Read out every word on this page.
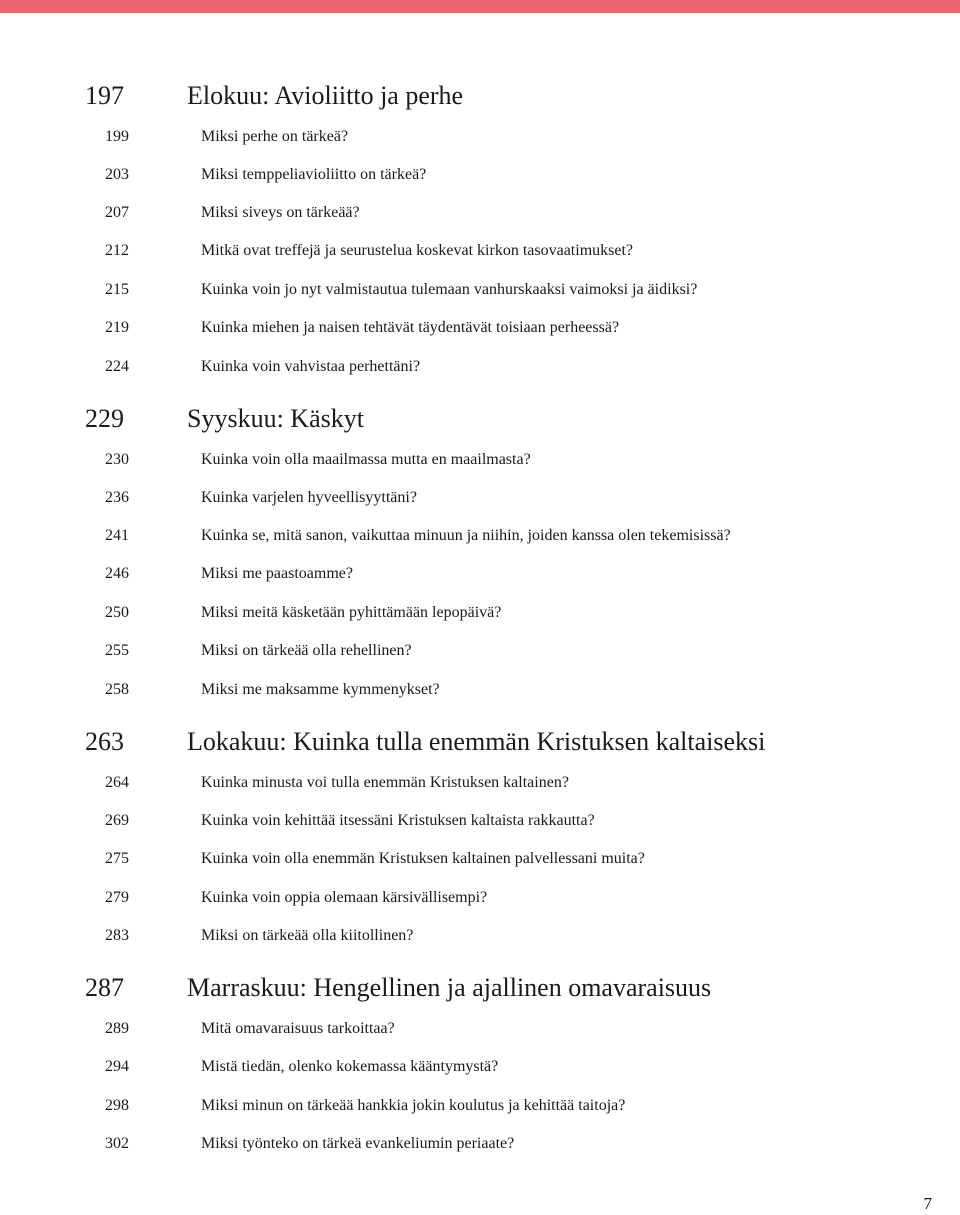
197	Elokuu: Avioliitto ja perhe
199	Miksi perhe on tärkeä?
203	Miksi temppeliavioliitto on tärkeä?
207	Miksi siveys on tärkeää?
212	Mitkä ovat treffejä ja seurustelua koskevat kirkon tasovaatimukset?
215	Kuinka voin jo nyt valmistautua tulemaan vanhurskaaksi vaimoksi ja äidiksi?
219	Kuinka miehen ja naisen tehtävät täydentävät toisiaan perheessä?
224	Kuinka voin vahvistaa perhettäni?
229	Syyskuu: Käskyt
230	Kuinka voin olla maailmassa mutta en maailmasta?
236	Kuinka varjelen hyveellisyyttäni?
241	Kuinka se, mitä sanon, vaikuttaa minuun ja niihin, joiden kanssa olen tekemisissä?
246	Miksi me paastoamme?
250	Miksi meitä käsketään pyhittämään lepopäivä?
255	Miksi on tärkeää olla rehellinen?
258	Miksi me maksamme kymmenykset?
263	Lokakuu: Kuinka tulla enemmän Kristuksen kaltaiseksi
264	Kuinka minusta voi tulla enemmän Kristuksen kaltainen?
269	Kuinka voin kehittää itsessäni Kristuksen kaltaista rakkautta?
275	Kuinka voin olla enemmän Kristuksen kaltainen palvellessani muita?
279	Kuinka voin oppia olemaan kärsivällisempi?
283	Miksi on tärkeää olla kiitollinen?
287	Marraskuu: Hengellinen ja ajallinen omavaraisuus
289	Mitä omavaraisuus tarkoittaa?
294	Mistä tiedän, olenko kokemassa kääntymystä?
298	Miksi minun on tärkeää hankkia jokin koulutus ja kehittää taitoja?
302	Miksi työnteko on tärkeä evankeliumin periaate?
7
